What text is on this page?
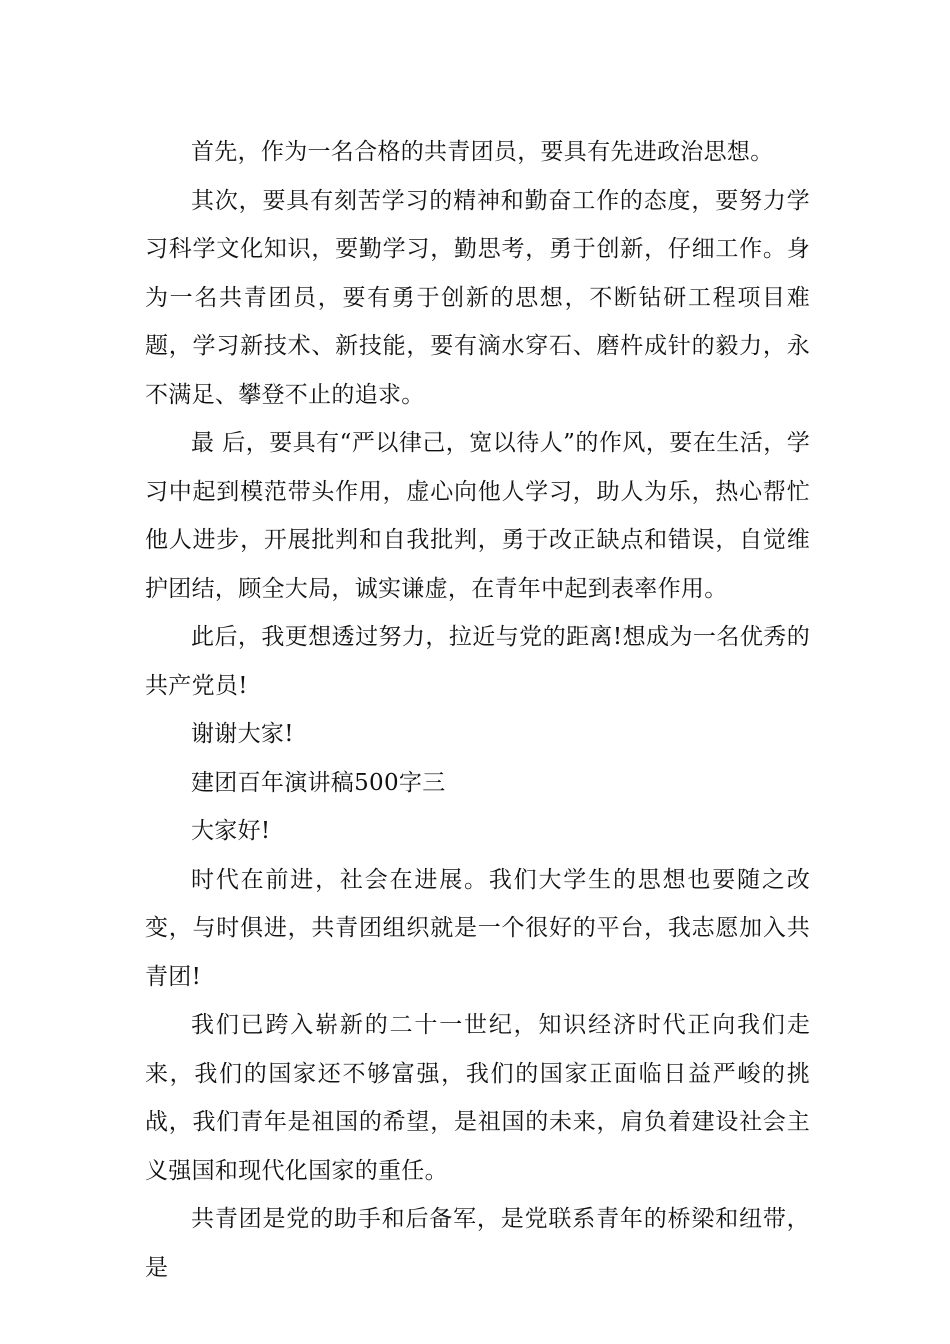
首先，作为一名合格的共青团员，要具有先进政治思想。

其次，要具有刻苦学习的精神和勤奋工作的态度，要努力学习科学文化知识，要勤学习，勤思考，勇于创新，仔细工作。身为一名共青团员，要有勇于创新的思想，不断钻研工程项目难题，学习新技术、新技能，要有滴水穿石、磨杵成针的毅力，永不满足、攀登不止的追求。

最 后，要具有“严以律己，宽以待人”的作风，要在生活，学习中起到模范带头作用，虚心向他人学习，助人为乐，热心帮忙他人进步，开展批判和自我批判，勇于改正缺点和错误，自觉维护团结，顾全大局，诚实谦虚，在青年中起到表率作用。

此后，我更想透过努力，拉近与党的距离!想成为一名优秀的共产党员!

谢谢大家!

建团百年演讲稿500字三

大家好!

时代在前进，社会在进展。我们大学生的思想也要随之改变，与时俱进，共青团组织就是一个很好的平台，我志愿加入共青团!

我们已跨入崭新的二十一世纪，知识经济时代正向我们走来，我们的国家还不够富强，我们的国家正面临日益严峻的挑战，我们青年是祖国的希望，是祖国的未来，肩负着建设社会主义强国和现代化国家的重任。

共青团是党的助手和后备军，是党联系青年的桥梁和纽带，是
